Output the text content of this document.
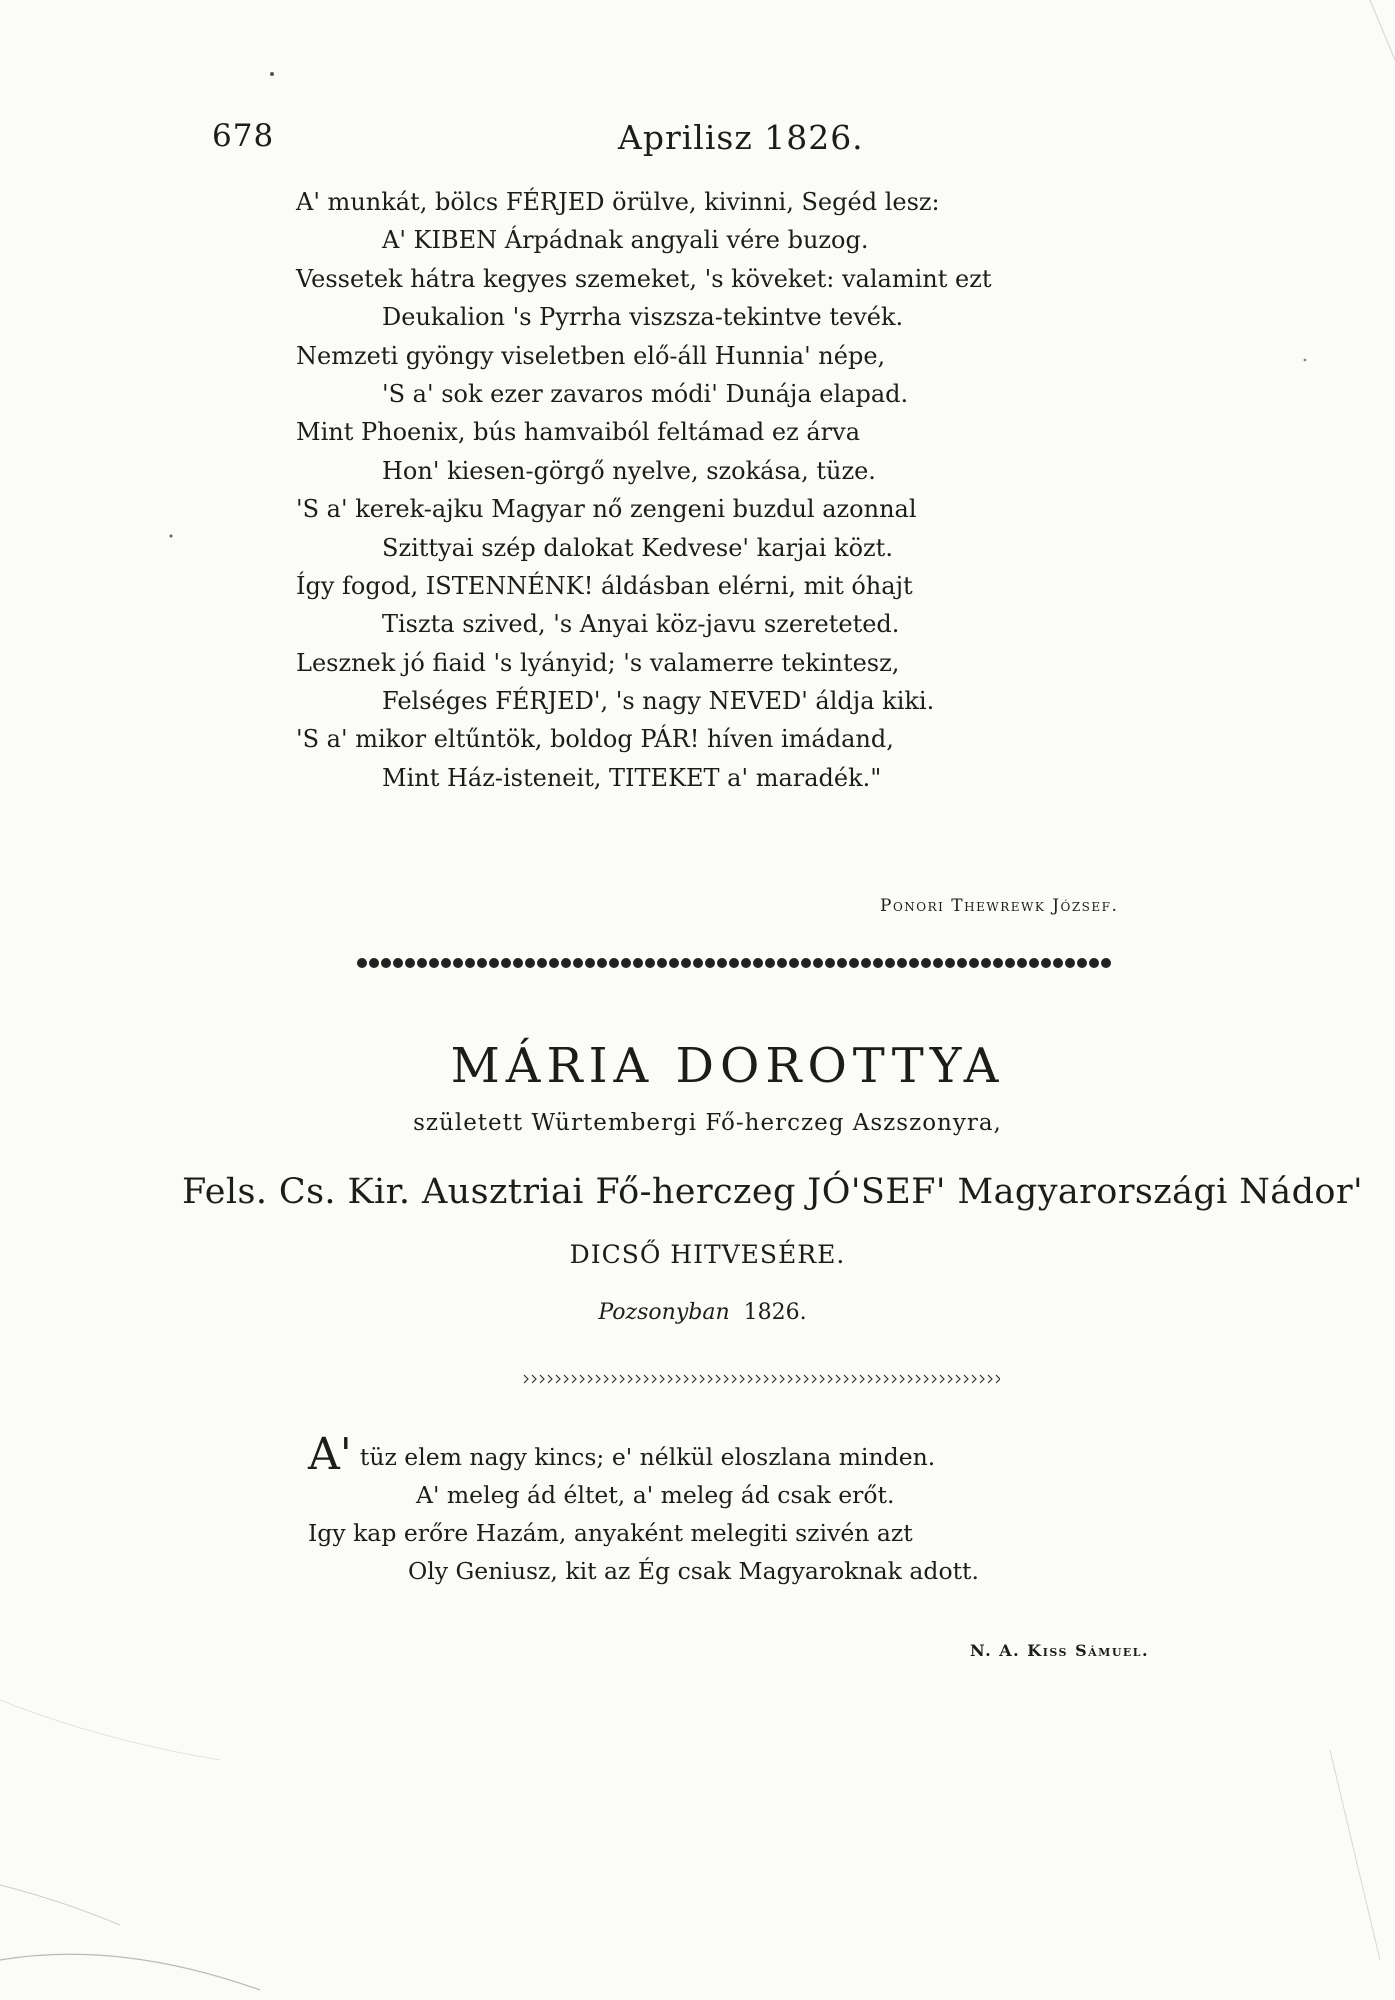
678	Aprilisz 1826.
A' munkát, bölcs FÉRJED örülve, kivinni, Segéd lesz:
A' KIBEN Árpádnak angyali vére buzog.
Vessetek hátra kegyes szemeket, 's köveket: valamint ezt
Deukalion 's Pyrrha viszsza-tekintve tevék.
Nemzeti gyöngy viseletben elő-áll Hunnia' népe,
'S a' sok ezer zavaros módi' Dunája elapad.
Mint Phoenix, bús hamvaiból feltámad ez árva
Hon' kiesen-görgő nyelve, szokása, tüze.
'S a' kerek-ajku Magyar nő zengeni buzdul azonnal
Szittyai szép dalokat Kedvese' karjai közt.
Így fogod, ISTENNÉNK! áldásban elérni, mit óhajt
Tiszta szived, 's Anyai köz-javu szereteted.
Lesznek jó fiaid 's lyányid; 's valamerre tekintesz,
Felséges FÉRJED', 's nagy NEVED' áldja kiki.
'S a' mikor eltűntök, boldog PÁR! híven imádand,
Mint Ház-isteneit, TITEKET a' maradék."
Ponori Thewrewk József.
MÁRIA DOROTTYA
született Würtembergi Fő-herczeg Aszszonyra,
Fels. Cs. Kir. Ausztriai Fő-herczeg JÓ'SEF' Magyarországi Nádor'
DICSŐ HITVESÉRE.
Pozsonyban 1826.
A' tüz elem nagy kincs; e' nélkül eloszlana minden.
A' meleg ád éltet, a' meleg ád csak erőt.
Igy kap erőre Hazám, anyaként melegiti szivén azt
Oly Geniusz, kit az Ég csak Magyaroknak adott.
N. A. Kiss Sámuel.
